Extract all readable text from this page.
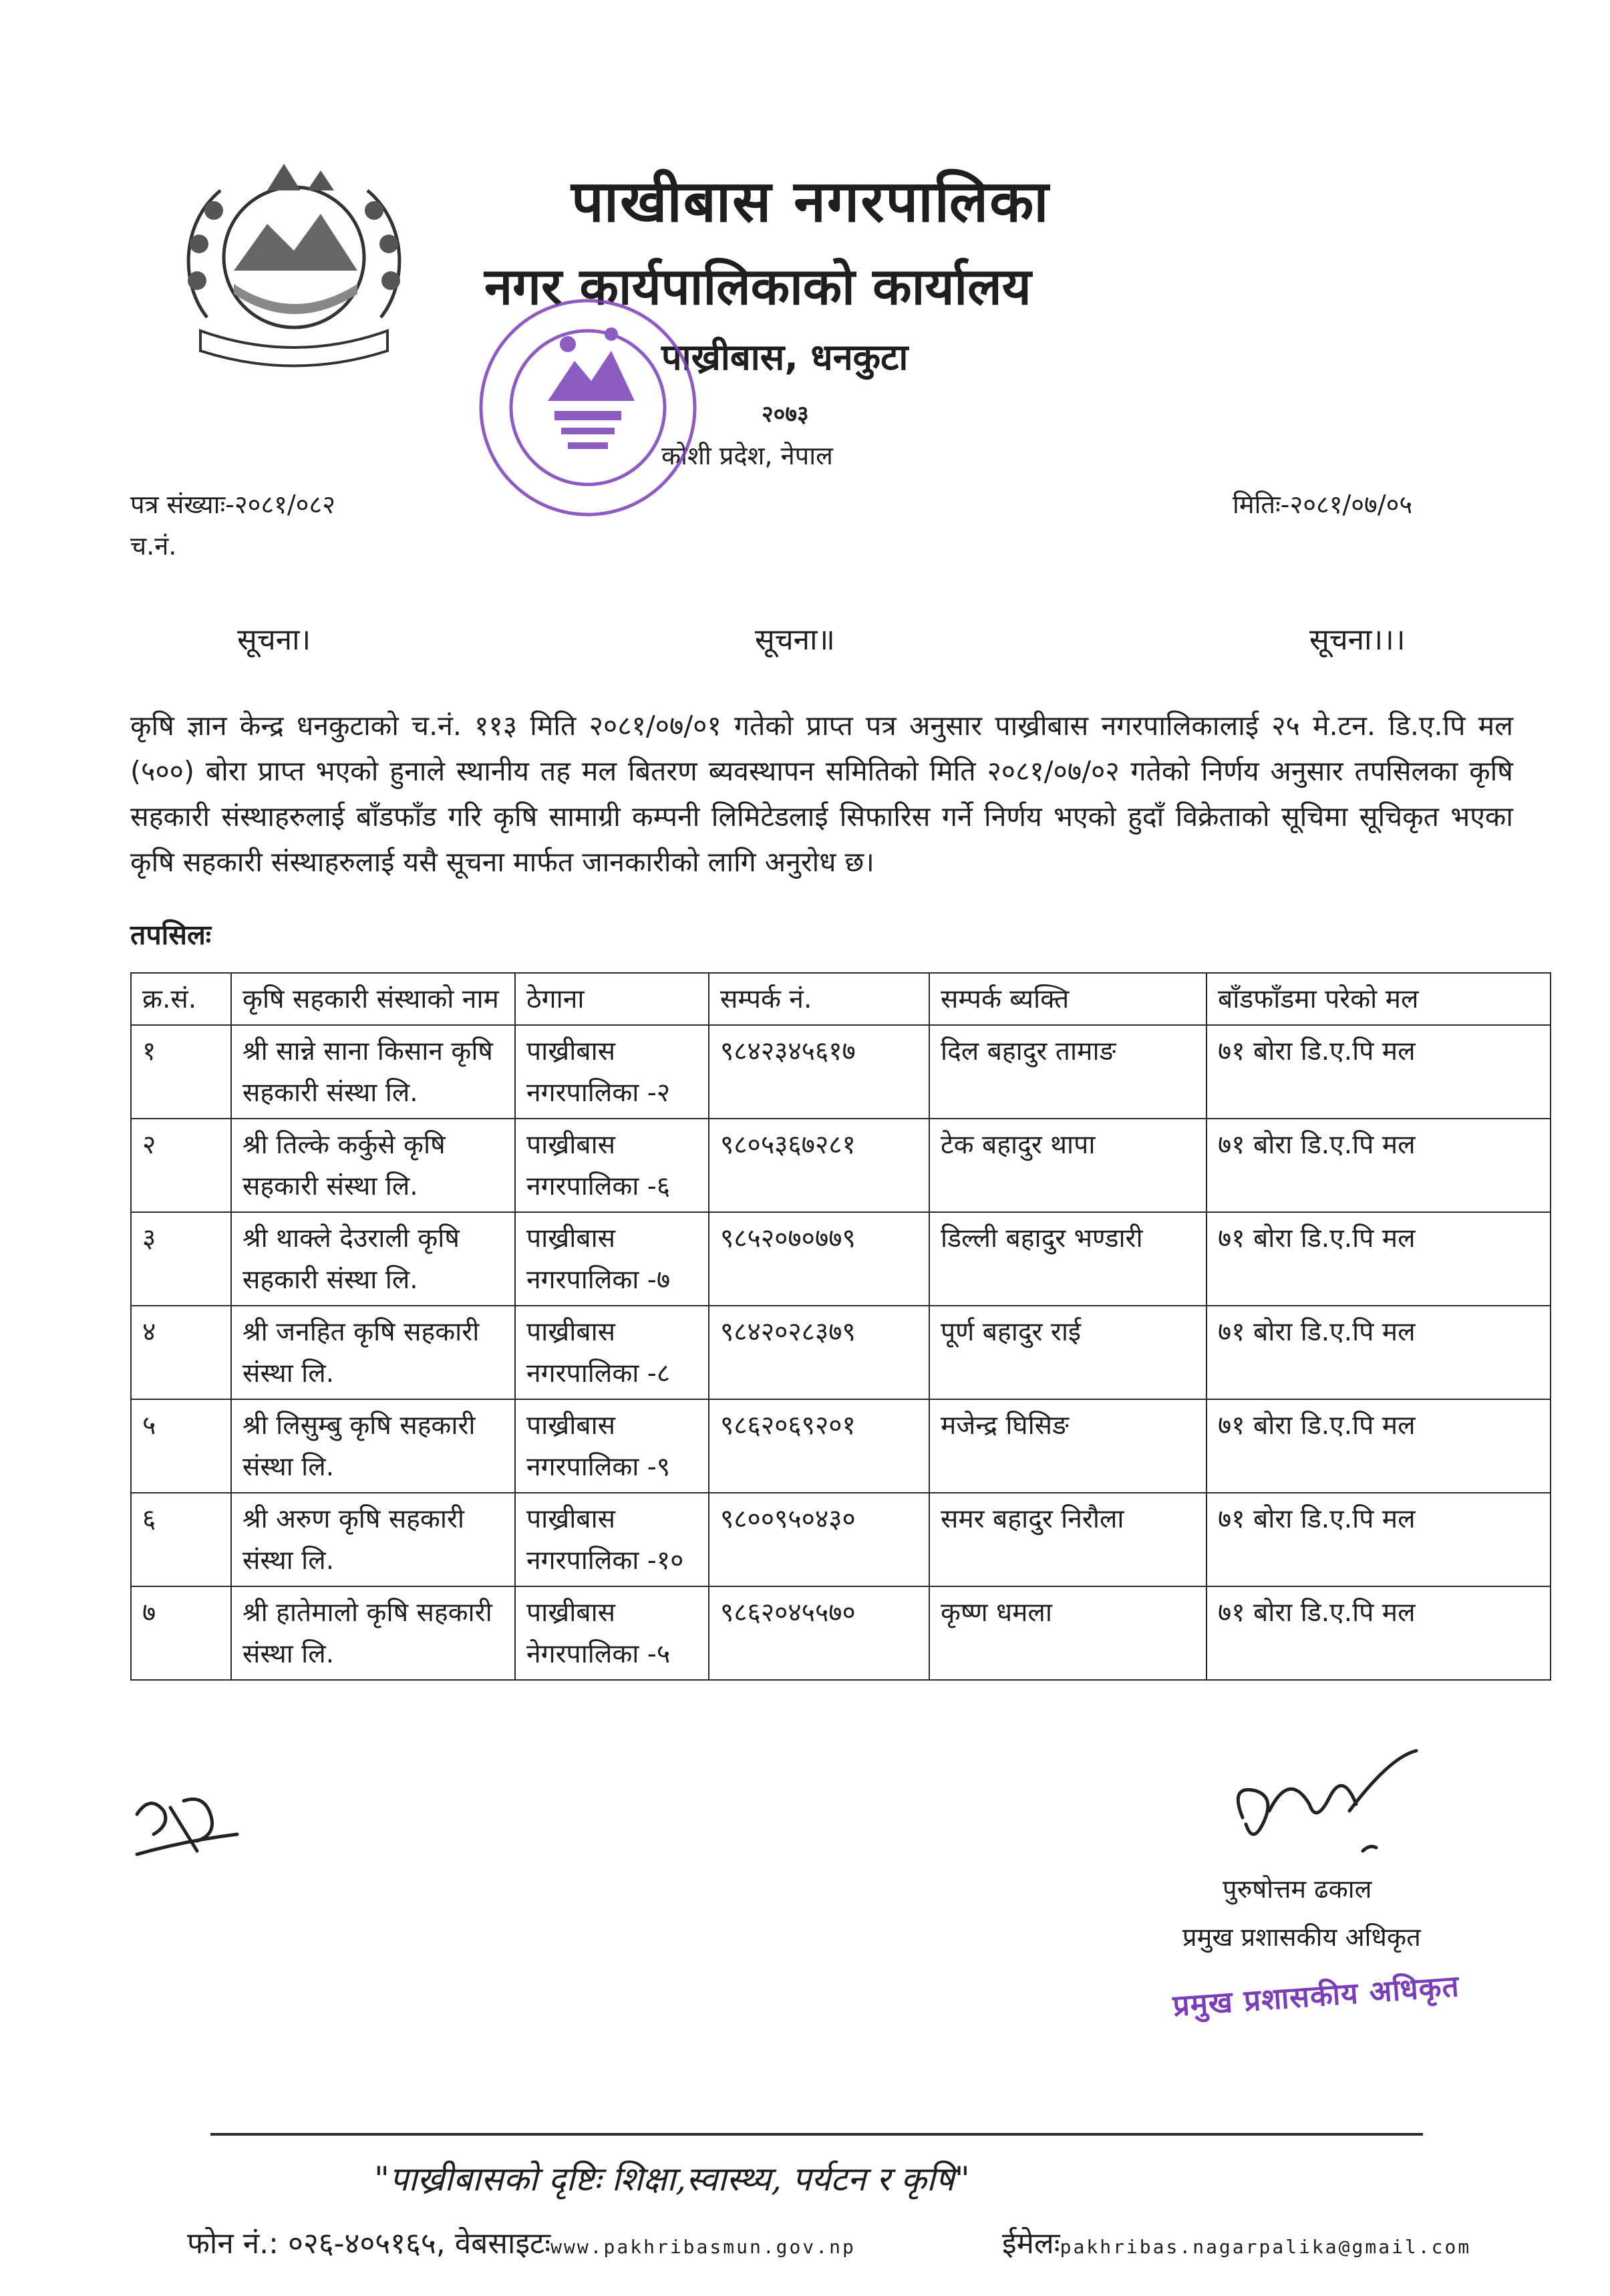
पाखीबास नगरपालिका
नगर कार्यपालिकाको कार्यालय
पाख्रीबास, धनकुटा
२०७३
कोशी प्रदेश, नेपाल
पत्र संख्याः-२०८१/०८२
च.नं.
मितिः-२०८१/०७/०५
सूचना।	सूचना॥	सूचना।।।
कृषि ज्ञान केन्द्र धनकुटाको च.नं. ११३ मिति २०८१/०७/०१ गतेको प्राप्त पत्र अनुसार पाख्रीबास नगरपालिकालाई २५ मे.टन. डि.ए.पि मल (५००) बोरा प्राप्त भएको हुनाले स्थानीय तह मल बितरण ब्यवस्थापन समितिको मिति २०८१/०७/०२ गतेको निर्णय अनुसार तपसिलका कृषि सहकारी संस्थाहरुलाई बाँडफाँड गरि कृषि सामाग्री कम्पनी लिमिटेडलाई सिफारिस गर्ने निर्णय भएको हुदाँ विक्रेताको सूचिमा सूचिकृत भएका कृषि सहकारी संस्थाहरुलाई यसै सूचना मार्फत जानकारीको लागि अनुरोध छ।
तपसिलः
क्र.सं.	कृषि सहकारी संस्थाको नाम	ठेगाना	सम्पर्क नं.	सम्पर्क ब्यक्ति	बाँडफाँडमा परेको मल
१	श्री सान्ने साना किसान कृषि सहकारी संस्था लि.	पाख्रीबास नगरपालिका -२	९८४२३४५६१७	दिल बहादुर तामाङ	७१ बोरा डि.ए.पि मल
२	श्री तिल्के कर्कुसे कृषि सहकारी संस्था लि.	पाख्रीबास नगरपालिका -६	९८०५३६७२८१	टेक बहादुर थापा	७१ बोरा डि.ए.पि मल
३	श्री थाक्ले देउराली कृषि सहकारी संस्था लि.	पाख्रीबास नगरपालिका -७	९८५२०७०७७९	डिल्ली बहादुर भण्डारी	७१ बोरा डि.ए.पि मल
४	श्री जनहित कृषि सहकारी संस्था लि.	पाख्रीबास नगरपालिका -८	९८४२०२८३७९	पूर्ण बहादुर राई	७१ बोरा डि.ए.पि मल
५	श्री लिसुम्बु कृषि सहकारी संस्था लि.	पाख्रीबास नगरपालिका -९	९८६२०६९२०१	मजेन्द्र घिसिङ	७१ बोरा डि.ए.पि मल
६	श्री अरुण कृषि सहकारी संस्था लि.	पाख्रीबास नगरपालिका -१०	९८००९५०४३०	समर बहादुर निरौला	७१ बोरा डि.ए.पि मल
७	श्री हातेमालो कृषि सहकारी संस्था लि.	पाख्रीबास नेगरपालिका -५	९८६२०४५५७०	कृष्ण धमला	७१ बोरा डि.ए.पि मल
पुरुषोत्तम ढकाल
प्रमुख प्रशासकीय अधिकृत
प्रमुख प्रशासकीय अधिकृत
"पाख्रीबासको दृष्टिः शिक्षा,स्वास्थ्य, पर्यटन र कृषि"
फोन नं.: ०२६-४०५१६५, वेबसाइटःwww.pakhribasmun.gov.np	ईमेलःpakhribas.nagarpalika@gmail.com
